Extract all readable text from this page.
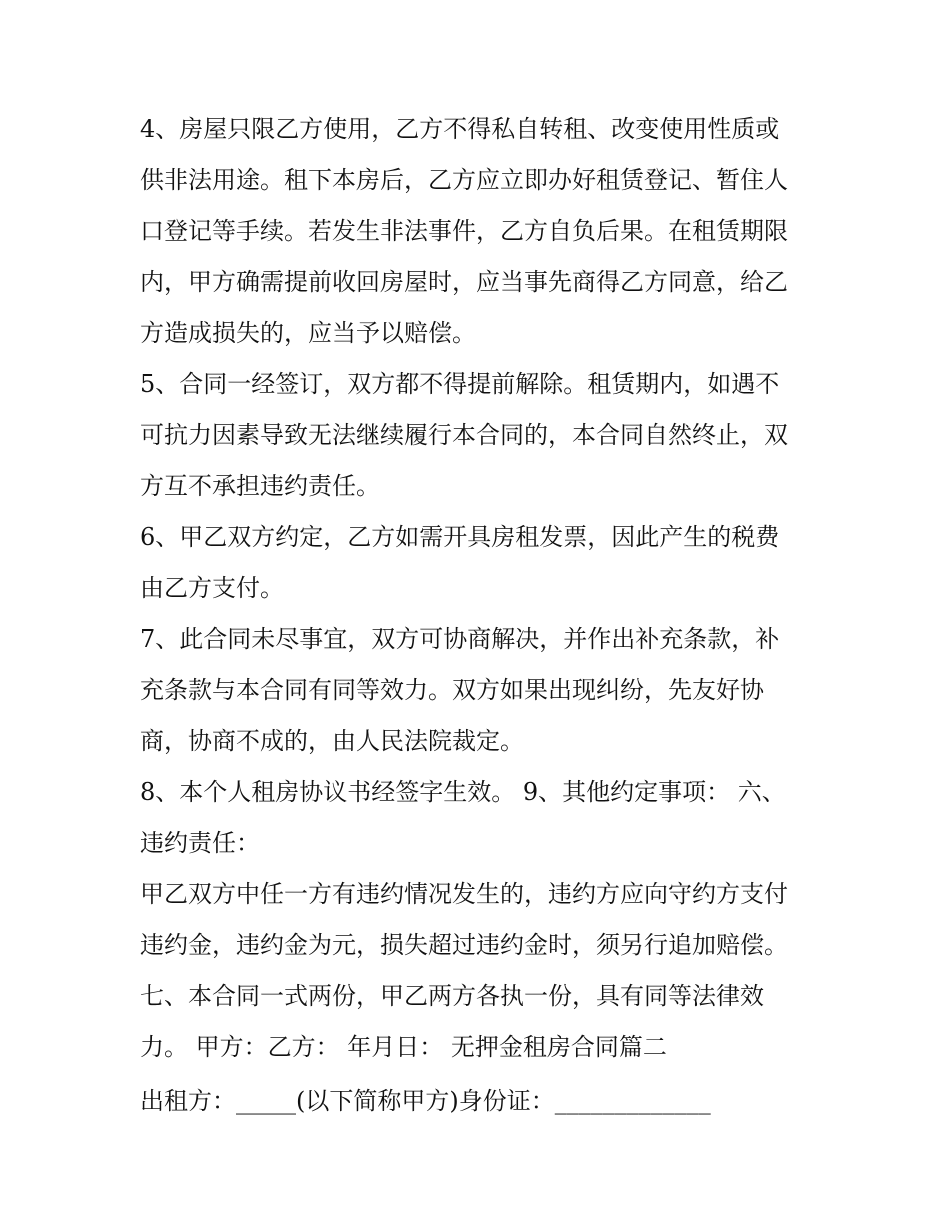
4、房屋只限乙方使用，乙方不得私自转租、改变使用性质或
供非法用途。租下本房后，乙方应立即办好租赁登记、暂住人
口登记等手续。若发生非法事件，乙方自负后果。在租赁期限
内，甲方确需提前收回房屋时，应当事先商得乙方同意，给乙
方造成损失的，应当予以赔偿。
5、合同一经签订，双方都不得提前解除。租赁期内，如遇不
可抗力因素导致无法继续履行本合同的，本合同自然终止，双
方互不承担违约责任。
6、甲乙双方约定，乙方如需开具房租发票，因此产生的税费
由乙方支付。
7、此合同未尽事宜，双方可协商解决，并作出补充条款，补
充条款与本合同有同等效力。双方如果出现纠纷，先友好协
商，协商不成的，由人民法院裁定。
8、本个人租房协议书经签字生效。 9、其他约定事项： 六、
违约责任：
甲乙双方中任一方有违约情况发生的，违约方应向守约方支付
违约金，违约金为元，损失超过违约金时，须另行追加赔偿。
七、本合同一式两份，甲乙两方各执一份，具有同等法律效
力。 甲方：乙方： 年月日： 无押金租房合同篇二
出租方：_____(以下简称甲方)身份证：_____________
